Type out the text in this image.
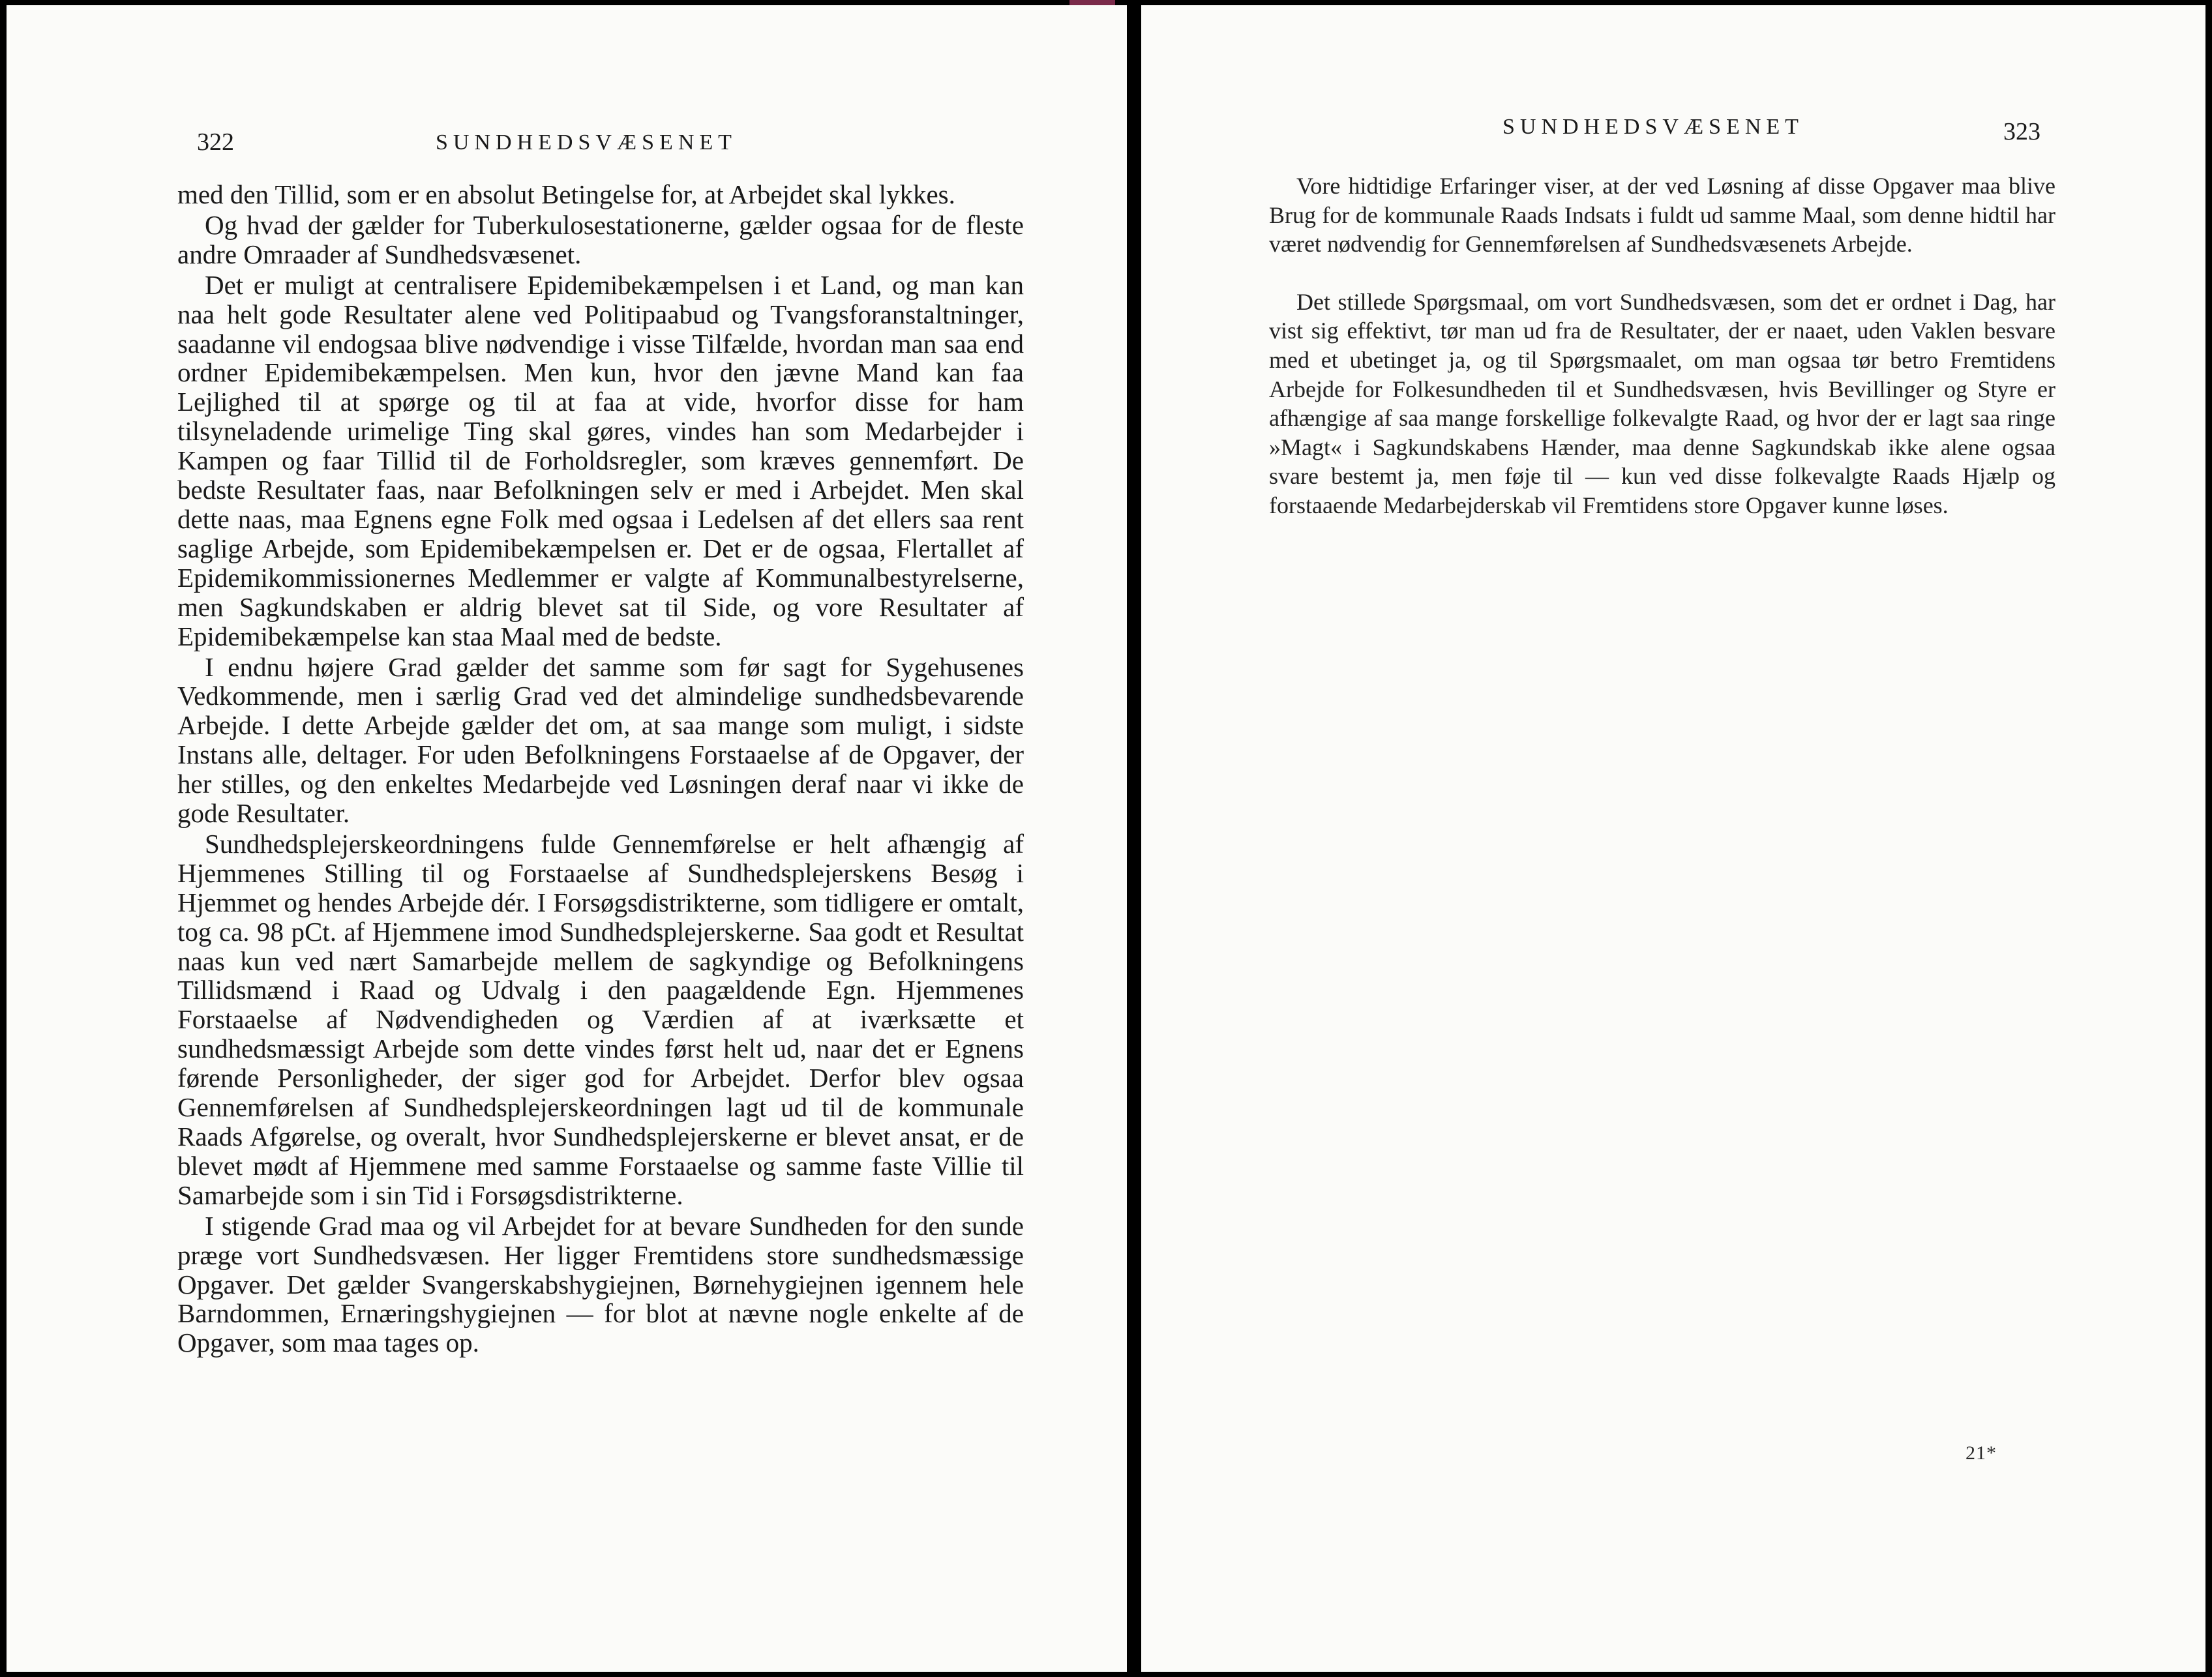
322	SUNDHEDSVÆSENET

med den Tillid, som er en absolut Betingelse for, at Arbejdet skal lykkes.

Og hvad der gælder for Tuberkulosestationerne, gælder ogsaa for de fleste andre Omraader af Sundhedsvæsenet.

Det er muligt at centralisere Epidemibekæmpelsen i et Land, og man kan naa helt gode Resultater alene ved Politipaabud og Tvangsforanstaltninger, saadanne vil endogsaa blive nødvendige i visse Tilfælde, hvordan man saa end ordner Epidemibekæmpelsen. Men kun, hvor den jævne Mand kan faa Lejlighed til at spørge og til at faa at vide, hvorfor disse for ham tilsyneladende urimelige Ting skal gøres, vindes han som Medarbejder i Kampen og faar Tillid til de Forholdsregler, som kræves gennemført. De bedste Resultater faas, naar Befolkningen selv er med i Arbejdet. Men skal dette naas, maa Egnens egne Folk med ogsaa i Ledelsen af det ellers saa rent saglige Arbejde, som Epidemibekæmpelsen er. Det er de ogsaa, Flertallet af Epidemikommissionernes Medlemmer er valgte af Kommunalbestyrelserne, men Sagkundskaben er aldrig blevet sat til Side, og vore Resultater af Epidemibekæmpelse kan staa Maal med de bedste.

I endnu højere Grad gælder det samme som før sagt for Sygehusenes Vedkommende, men i særlig Grad ved det almindelige sundhedsbevarende Arbejde. I dette Arbejde gælder det om, at saa mange som muligt, i sidste Instans alle, deltager. For uden Befolkningens Forstaaelse af de Opgaver, der her stilles, og den enkeltes Medarbejde ved Løsningen deraf naar vi ikke de gode Resultater.

Sundhedsplejerskeordningens fulde Gennemførelse er helt afhængig af Hjemmenes Stilling til og Forstaaelse af Sundhedsplejerskens Besøg i Hjemmet og hendes Arbejde dér. I Forsøgsdistrikterne, som tidligere er omtalt, tog ca. 98 pCt. af Hjemmene imod Sundhedsplejerskerne. Saa godt et Resultat naas kun ved nært Samarbejde mellem de sagkyndige og Befolkningens Tillidsmænd i Raad og Udvalg i den paagældende Egn. Hjemmenes Forstaaelse af Nødvendigheden og Værdien af at iværksætte et sundhedsmæssigt Arbejde som dette vindes først helt ud, naar det er Egnens førende Personligheder, der siger god for Arbejdet. Derfor blev ogsaa Gennemførelsen af Sundhedsplejerskeordningen lagt ud til de kommunale Raads Afgørelse, og overalt, hvor Sundhedsplejerskerne er blevet ansat, er de blevet mødt af Hjemmene med samme Forstaaelse og samme faste Villie til Samarbejde som i sin Tid i Forsøgsdistrikterne.

I stigende Grad maa og vil Arbejdet for at bevare Sundheden for den sunde præge vort Sundhedsvæsen. Her ligger Fremtidens store sundhedsmæssige Opgaver. Det gælder Svangerskabshygiejnen, Børnehygiejnen igennem hele Barndommen, Ernæringshygiejnen — for blot at nævne nogle enkelte af de Opgaver, som maa tages op.

SUNDHEDSVÆSENET	323

Vore hidtidige Erfaringer viser, at der ved Løsning af disse Opgaver maa blive Brug for de kommunale Raads Indsats i fuldt ud samme Maal, som denne hidtil har været nødvendig for Gennemførelsen af Sundhedsvæsenets Arbejde.

Det stillede Spørgsmaal, om vort Sundhedsvæsen, som det er ordnet i Dag, har vist sig effektivt, tør man ud fra de Resultater, der er naaet, uden Vaklen besvare med et ubetinget ja, og til Spørgsmaalet, om man ogsaa tør betro Fremtidens Arbejde for Folkesundheden til et Sundhedsvæsen, hvis Bevillinger og Styre er afhængige af saa mange forskellige folkevalgte Raad, og hvor der er lagt saa ringe »Magt« i Sagkundskabens Hænder, maa denne Sagkundskab ikke alene ogsaa svare bestemt ja, men føje til — kun ved disse folkevalgte Raads Hjælp og forstaaende Medarbejderskab vil Fremtidens store Opgaver kunne løses.

21*
